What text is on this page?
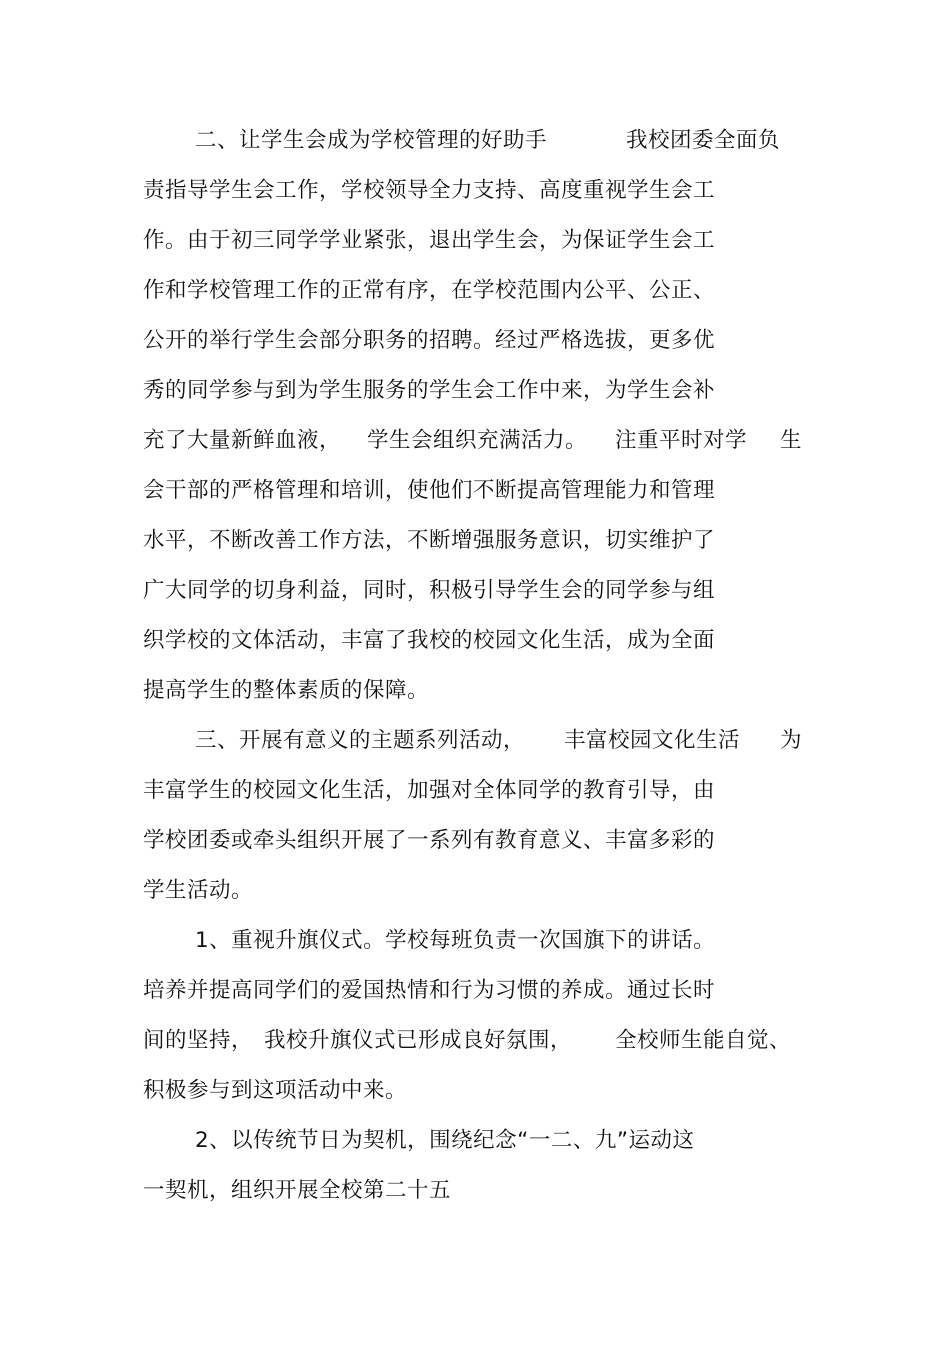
二、让学生会成为学校管理的好助手

	我校团委全面负

责指导学生会工作，学校领导全力支持、高度重视学生会工
作。由于初三同学学业紧张，退出学生会，为保证学生会工
作和学校管理工作的正常有序，在学校范围内公平、公正、
公开的举行学生会部分职务的招聘。经过严格选拔，更多优
秀的同学参与到为学生服务的学生会工作中来，为学生会补

充了大量新鲜血液，

学生会组织充满活力。

注重平时对学

生

会干部的严格管理和培训，使他们不断提高管理能力和管理
水平，不断改善工作方法，不断增强服务意识，切实维护了
广大同学的切身利益，同时，积极引导学生会的同学参与组
织学校的文体活动，丰富了我校的校园文化生活，成为全面
提高学生的整体素质的保障。

三、开展有意义的主题系列活动，

丰富校园文化生活

为

丰富学生的校园文化生活，加强对全体同学的教育引导，由
学校团委或牵头组织开展了一系列有教育意义、丰富多彩的
学生活动。
1、重视升旗仪式。学校每班负责一次国旗下的讲话。
培养并提高同学们的爱国热情和行为习惯的养成。通过长时

间的坚持，

我校升旗仪式已形成良好氛围，

全校师生能自觉、

积极参与到这项活动中来。
2、以传统节日为契机，围绕纪念“一二、九”运动这
一契机，组织开展全校第二十五
